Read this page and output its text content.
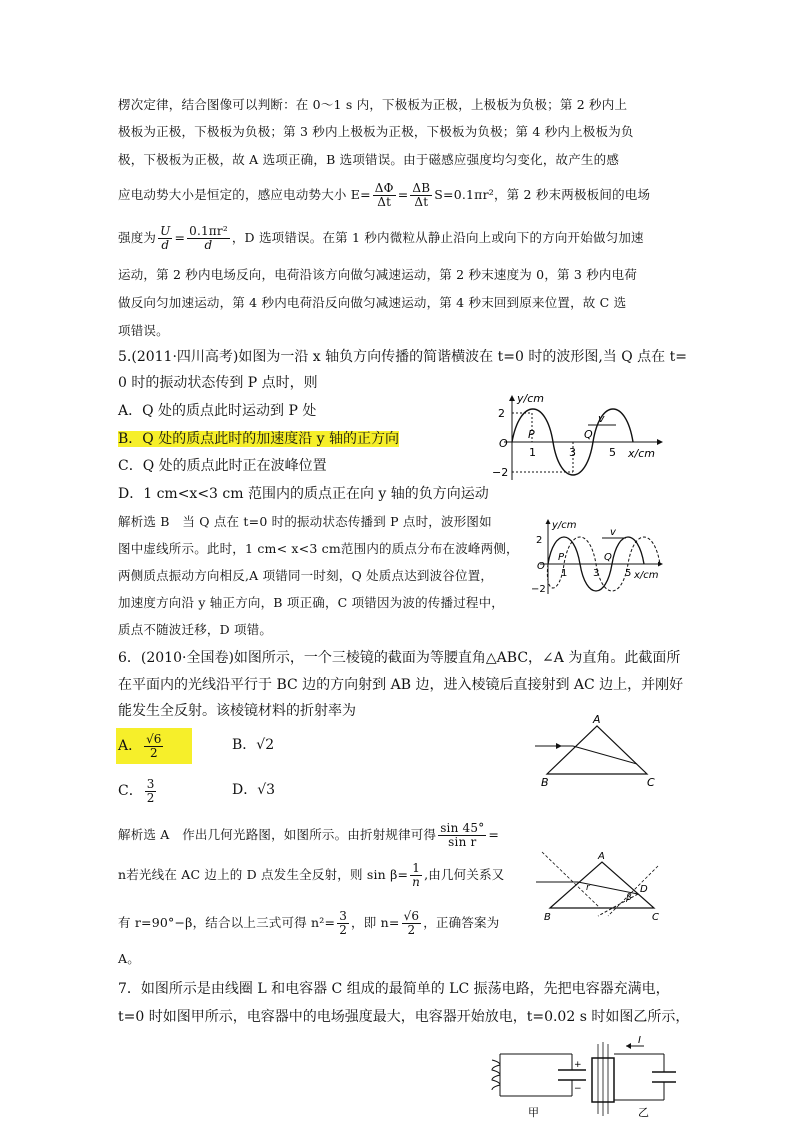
楞次定律，结合图像可以判断：在 0～1 s 内，下极板为正极，上极板为负极；第 2 秒内上
极板为正极，下极板为负极；第 3 秒内上极板为正极，下极板为负极；第 4 秒内上极板为负
极，下极板为正极，故 A 选项正确，B 选项错误。由于磁感应强度均匀变化，故产生的感
应电动势大小是恒定的，感应电动势大小 $E= \frac{\Delta\Phi}{\Delta t} = \frac{\Delta B}{\Delta t} S=0.1\pi r^2$，第 2 秒末两极板间的电场
强度为 $\frac{U}{d} = \frac{\text{0.1πr²}}{d}$ ，D 选项错误。在第 1 秒内微粒从静止沿向上或向下的方向开始做匀加速
运动，第 2 秒内电场反向，电荷沿该方向做匀减速运动，第 2 秒末速度为 0，第 3 秒内电荷
做反向匀加速运动，第 4 秒内电荷沿反向做匀减速运动，第 4 秒末回到原来位置，故 C 选
项错误。
5.(2011·四川高考)如图为一沿 x 轴负方向传播的简谐横波在 t=0 时的波形图,当 Q 点在 t=
0 时的振动状态传到 P 点时，则
A．Q 处的质点此时运动到 P 处
B．Q 处的质点此时的加速度沿 y 轴的正方向
C．Q 处的质点此时正在波峰位置
D．1 cm<x<3 cm 范围内的质点正在向 y 轴的负方向运动
2
−2
O
y/cm
x/cm
v
1	3	5
P	Q
解析选 B　当 Q 点在 t=0 时的振动状态传播到 P 点时，波形图如
图中虚线所示。此时，1 cm< x<3 cm范围内的质点分布在波峰两侧，
两侧质点振动方向相反,A 项错同一时刻，Q 处质点达到波谷位置，
加速度方向沿 y 轴正方向，B 项正确，C 项错因为波的传播过程中，
质点不随波迁移，D 项错。
2
−2
O
y/cm
x/cm
v
1	3	5
P	Q
6．(2010·全国卷)如图所示，一个三棱镜的截面为等腰直角△ABC，∠A 为直角。此截面所
在平面内的光线沿平行于 BC 边的方向射到 AB 边，进入棱镜后直接射到 AC 边上，并刚好
能发生全反射。该棱镜材料的折射率为
A． $\frac{√6}{2}$	B．√2
C． $\frac{3}{2}$	D．√3
A
B	C
解析选 A　作出几何光路图，如图所示。由折射规律可得 $\frac{\sin 45^\circ}{\text{sin r}}$ =
n若光线在 AC 边上的 D 点发生全反射，则 $\sin \beta= \frac{1}{n}$ ,由几何关系又
有 r=90°−β，结合以上三式可得 $n^2= \frac{3}{2}$ ，即 $n= \frac{√6}{2}$ ，正确答案为
A。
A
B	C
D
r
β
7．如图所示是由线圈 L 和电容器 C 组成的最简单的 LC 振荡电路，先把电容器充满电，
t=0 时如图甲所示，电容器中的电场强度最大，电容器开始放电，t=0.02 s 时如图乙所示，
+
−
甲
I
乙
